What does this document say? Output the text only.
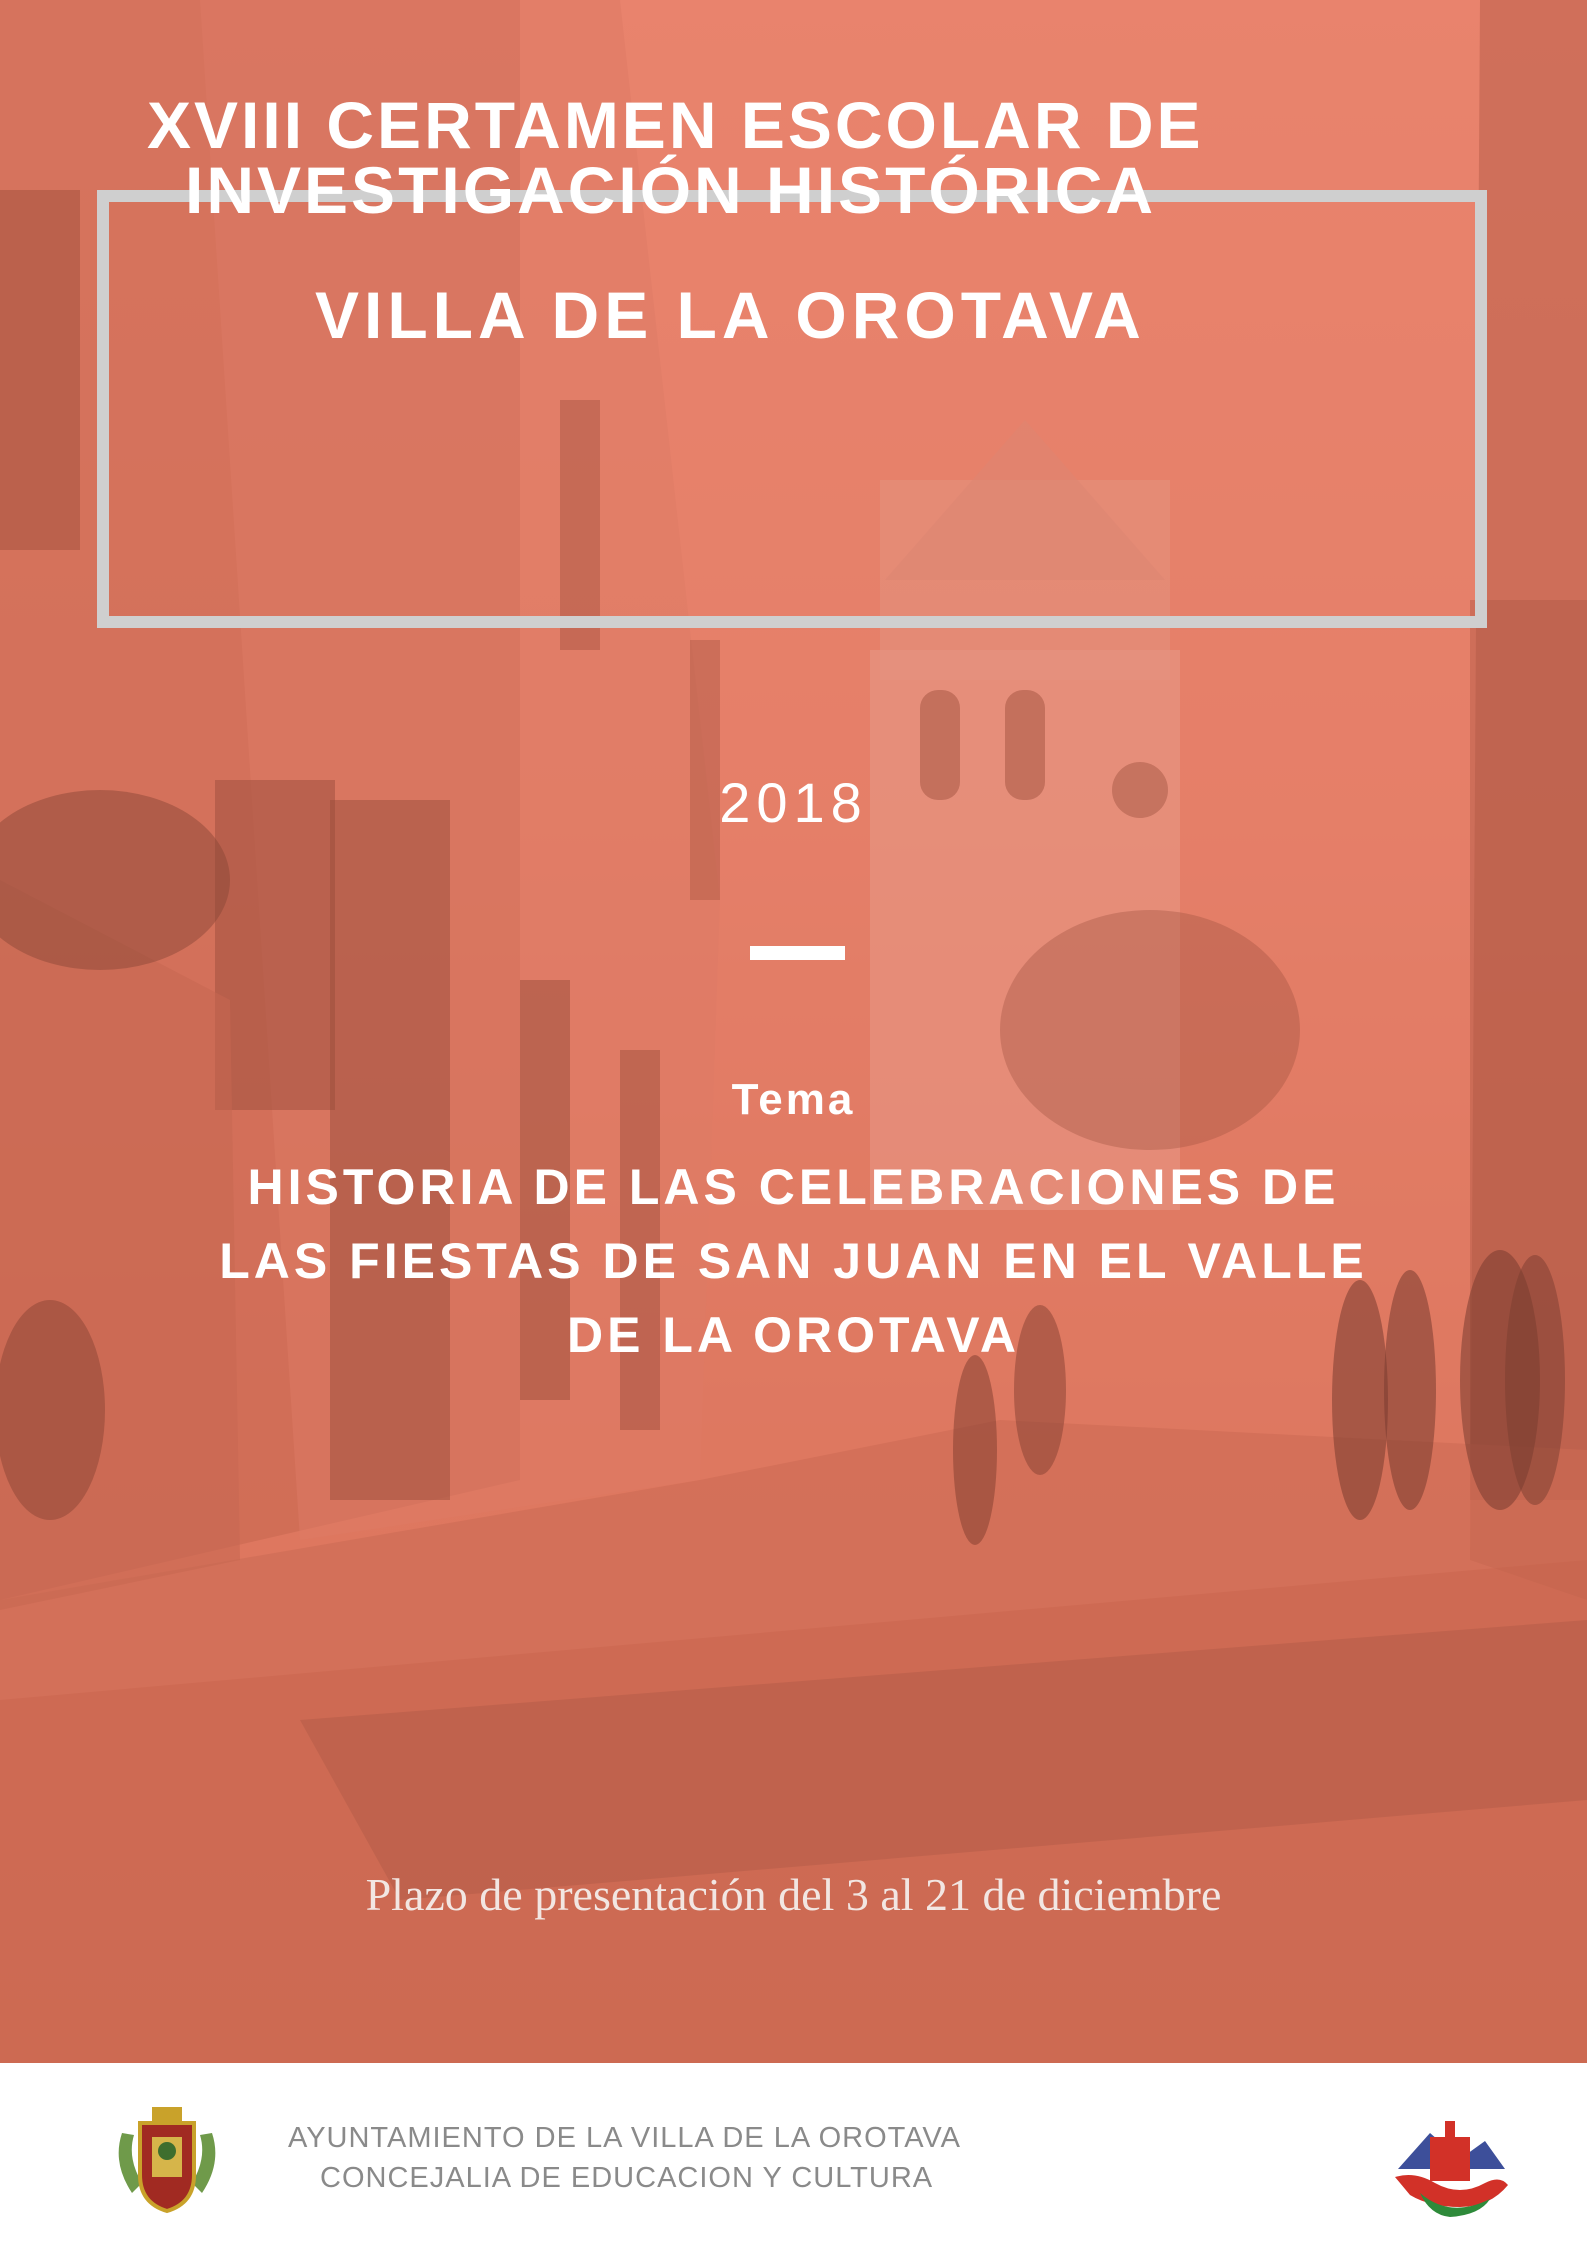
XVIII CERTAMEN ESCOLAR DE
INVESTIGACIÓN HISTÓRICA
VILLA DE LA OROTAVA
2018
Tema
HISTORIA DE LAS CELEBRACIONES DE
LAS FIESTAS DE SAN JUAN EN EL VALLE
DE LA OROTAVA
Plazo de presentación del 3 al 21 de diciembre
AYUNTAMIENTO DE LA VILLA DE LA OROTAVA
CONCEJALIA DE EDUCACION Y CULTURA
